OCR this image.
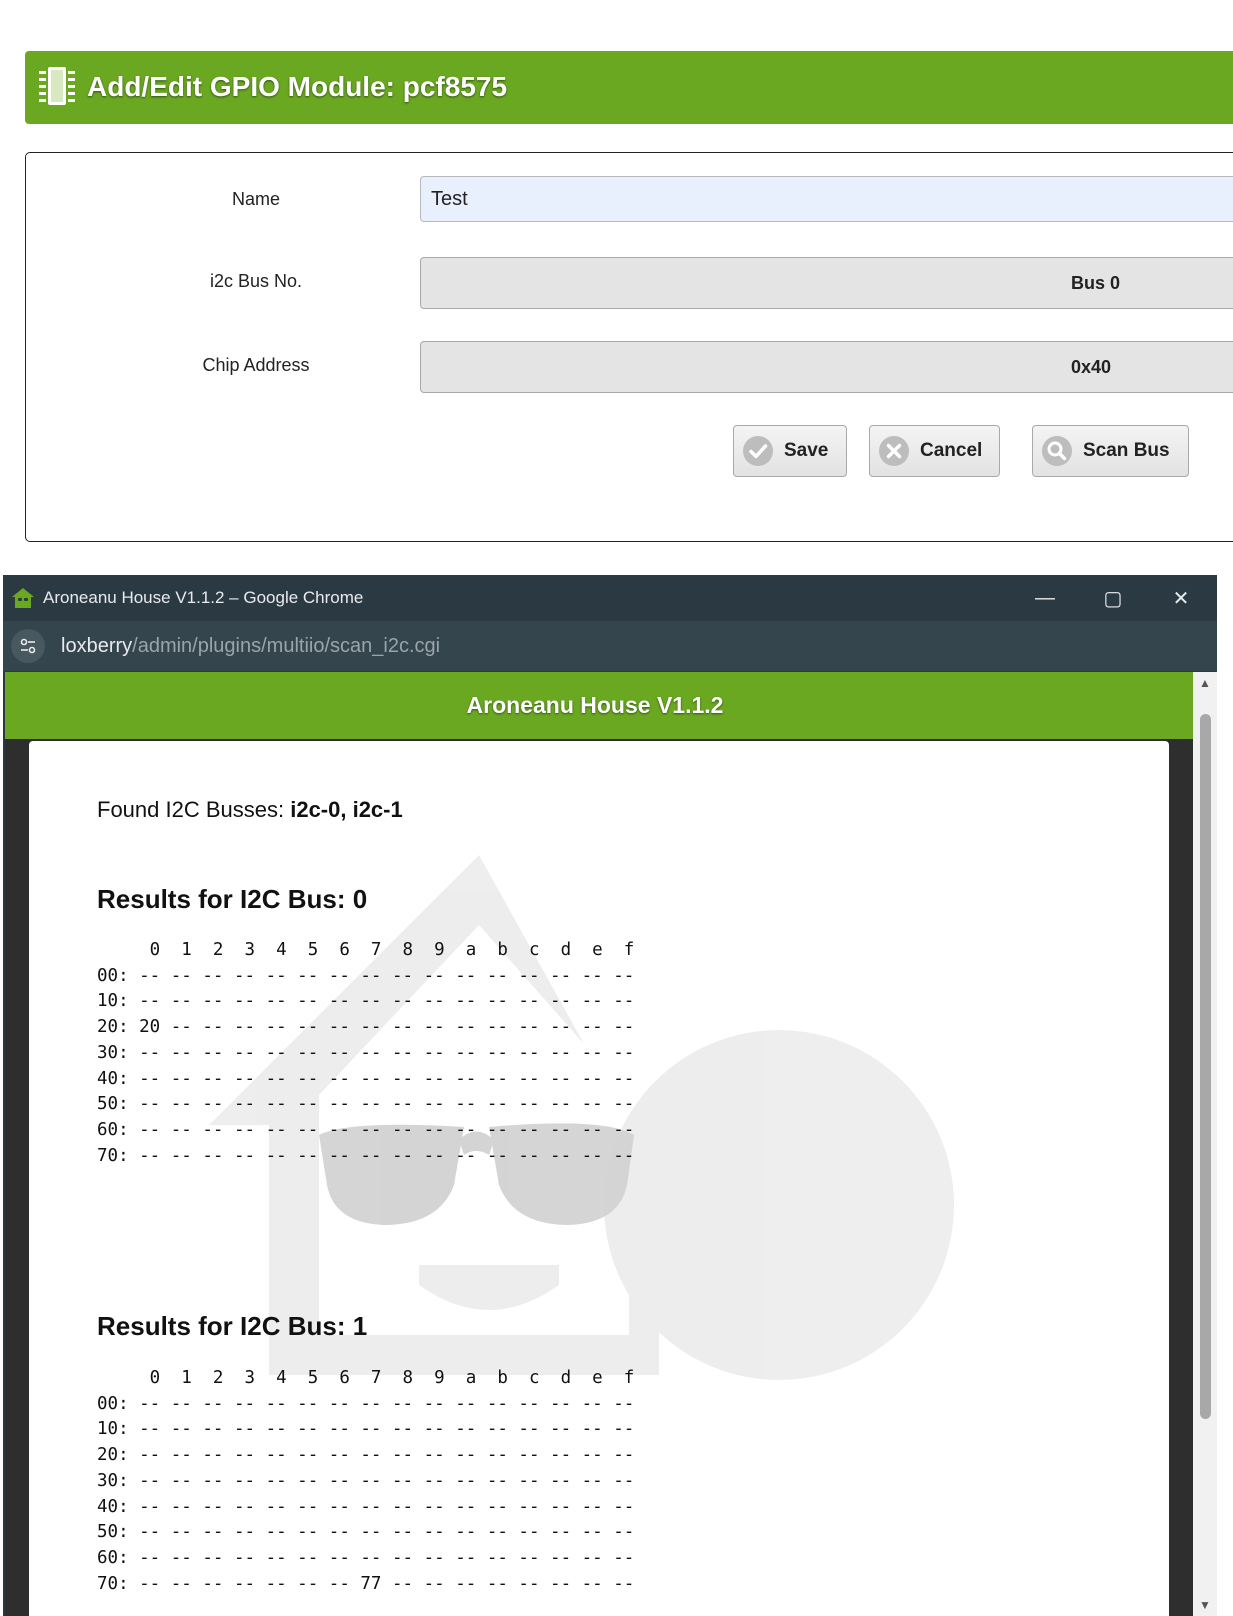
Add/Edit GPIO Module: pcf8575
Name
Test
i2c Bus No.	Bus 0
Chip Address	0x40
Save	Cancel	Scan Bus
Aroneanu House V1.1.2 – Google Chrome	—	▢	✕
loxberry/admin/plugins/multiio/scan_i2c.cgi
Aroneanu House V1.1.2
Found I2C Busses: i2c-0, i2c-1
Results for I2C Bus: 0
0  1  2  3  4  5  6  7  8  9  a  b  c  d  e  f
00: -- -- -- -- -- -- -- -- -- -- -- -- -- -- -- --
10: -- -- -- -- -- -- -- -- -- -- -- -- -- -- -- --
20: 20 -- -- -- -- -- -- -- -- -- -- -- -- -- -- --
30: -- -- -- -- -- -- -- -- -- -- -- -- -- -- -- --
40: -- -- -- -- -- -- -- -- -- -- -- -- -- -- -- --
50: -- -- -- -- -- -- -- -- -- -- -- -- -- -- -- --
60: -- -- -- -- -- -- -- -- -- -- -- -- -- -- -- --
70: -- -- -- -- -- -- -- -- -- -- -- -- -- -- -- --
Results for I2C Bus: 1
0  1  2  3  4  5  6  7  8  9  a  b  c  d  e  f
00: -- -- -- -- -- -- -- -- -- -- -- -- -- -- -- --
10: -- -- -- -- -- -- -- -- -- -- -- -- -- -- -- --
20: -- -- -- -- -- -- -- -- -- -- -- -- -- -- -- --
30: -- -- -- -- -- -- -- -- -- -- -- -- -- -- -- --
40: -- -- -- -- -- -- -- -- -- -- -- -- -- -- -- --
50: -- -- -- -- -- -- -- -- -- -- -- -- -- -- -- --
60: -- -- -- -- -- -- -- -- -- -- -- -- -- -- -- --
70: -- -- -- -- -- -- -- 77 -- -- -- -- -- -- -- --
▲
▼
